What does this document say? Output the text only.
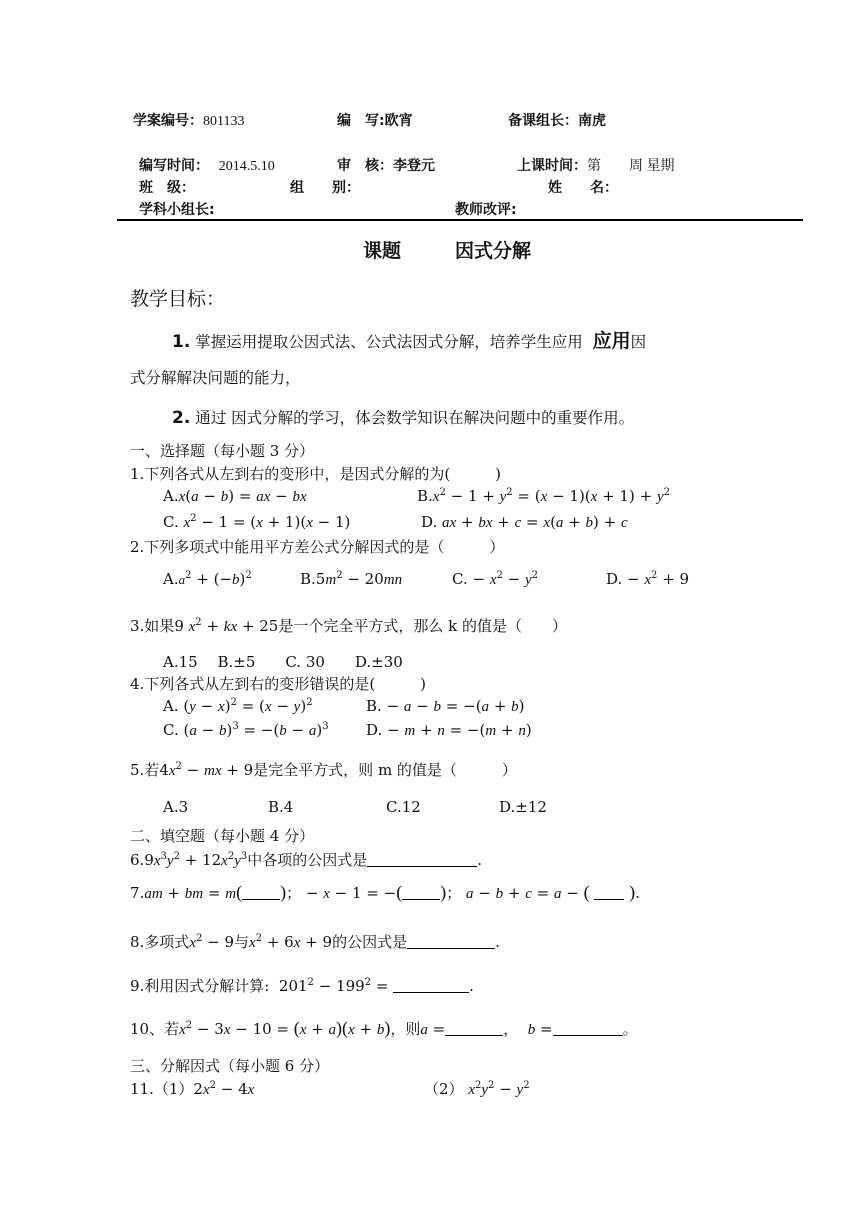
学案编号：801133	编　写:欧宵	备课组长：南虎
编写时间： 2014.5.10	审　核：李登元	上课时间：第　　周 星期
班　级：	组　　别：	姓　　名：
学科小组长:	教师改评:
课题	因式分解
教学目标：
1. 掌握运用提取公因式法、公式法因式分解，培养学生应用 应用因
式分解解决问题的能力，
2. 通过 因式分解的学习，体会数学知识在解决问题中的重要作用。
一、选择题（每小题 3 分）
1.下列各式从左到右的变形中，是因式分解的为(　　　)
A.x(a − b) = ax − bx	$B.x^2 - 1 + y^2 = (x - 1)(x + 1) + y^2$
C. $x^2 - 1 = (x + 1)(x - 1)$	D. ax + bx + c = x(a + b) + c
2.下列多项式中能用平方差公式分解因式的是（　　　）
$A.a^2 + (-b)^2$	$B.5m^2 - 20mn$	C. − $x^2 - y^2$	D. − $x^2 + 9$
3.如果9 $x^2$ + kx + 25是一个完全平方式，那么 k 的值是（　　）
A.15　 B.±5　　C. 30　　D.±30
4.下列各式从左到右的变形错误的是(　　　)
A. $(y - x)^2 = (x - y)^2$	B. − a − b = −(a + b)
C. $(a - b)^3 = -(b - a)^3$ D. − m + n = −(m + n)
5.若$4x^2$ − mx + 9是完全平方式，则 m 的值是（　　　）
A.3	B.4	C.12	D.±12
二、填空题（每小题 4 分）
$6.9x^3y^2 + 12x^2y^3$中各项的公因式是	.
7.am + bm = m( )； − x − 1 = −( )； a − b + c = a − ( ).
8.多项式$x^2 - 9$与$x^2 + 6x + 9$的公因式是	.
9.利用因式分解计算:  $201^2 - 199^2$ =	.
10、若$x^2 - 3x - 10 = (x + a)(x + b)$，则a =	， b =	。
三、分解因式（每小题 6 分）
$11.(1)2x^2 - 4x$	（2） $x^2y^2 - y^2$
